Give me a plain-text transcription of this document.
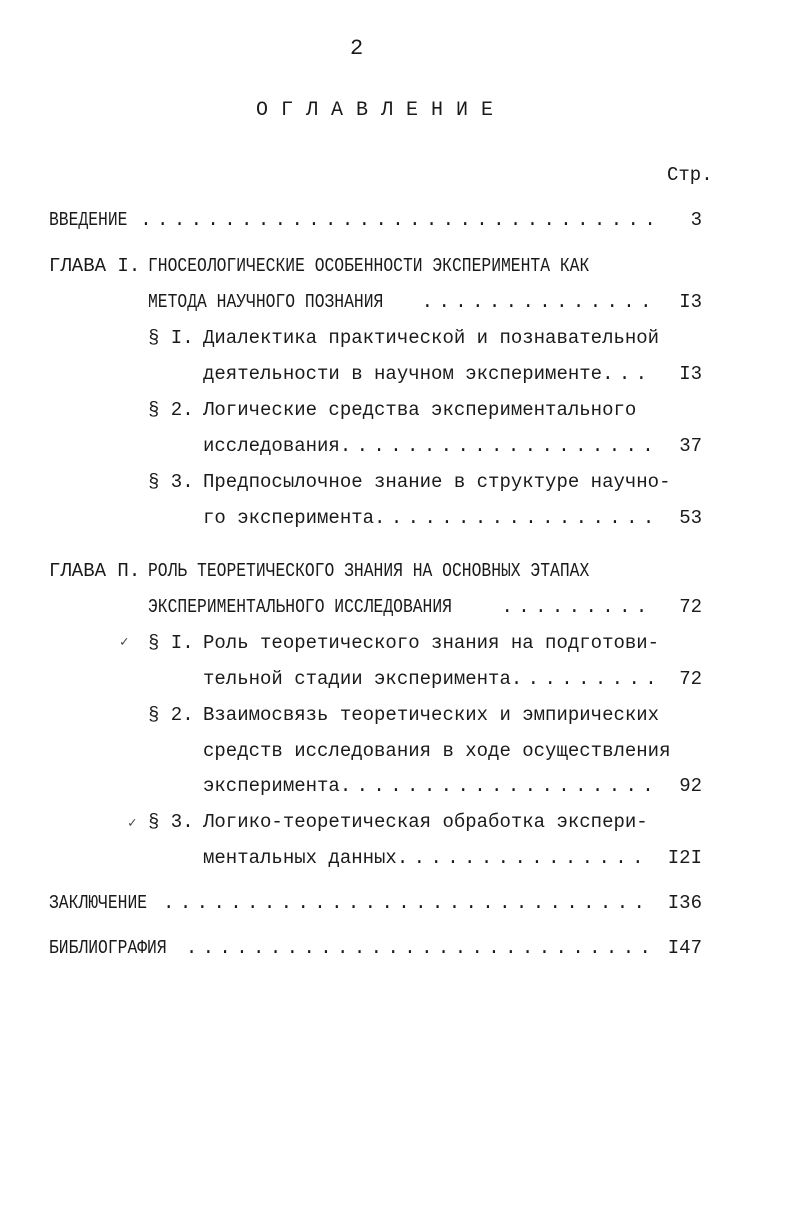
2
О Г Л А В Л Е Н И Е
Стр.
ВВЕДЕНИЕ . . .	3
ГЛАВА I. ГНОСЕОЛОГИЧЕСКИЕ ОСОБЕННОСТИ ЭКСПЕРИМЕНТА КАК
МЕТОДА НАУЧНОГО ПОЗНАНИЯ . . .	I3
§ I. Диалектика практической и познавательной
деятельности в научном эксперименте . . .	I3
§ 2. Логические средства экспериментального
исследования . . .	37
§ 3. Предпосылочное знание в структуре научно-
го эксперимента . . .	53
ГЛАВА П. РОЛЬ ТЕОРЕТИЧЕСКОГО ЗНАНИЯ НА ОСНОВНЫХ ЭТАПАХ
ЭКСПЕРИМЕНТАЛЬНОГО ИССЛЕДОВАНИЯ . . .	72
✓ § I. Роль теоретического знания на подготови-
тельной стадии эксперимента . . .	72
§ 2. Взаимосвязь теоретических и эмпирических
средств исследования в ходе осуществления
эксперимента . . .	92
✓ § 3. Логико-теоретическая обработка экспери-
ментальных данных . . .	I2I
ЗАКЛЮЧЕНИЕ . . .	I36
БИБЛИОГРАФИЯ . . .	I47
